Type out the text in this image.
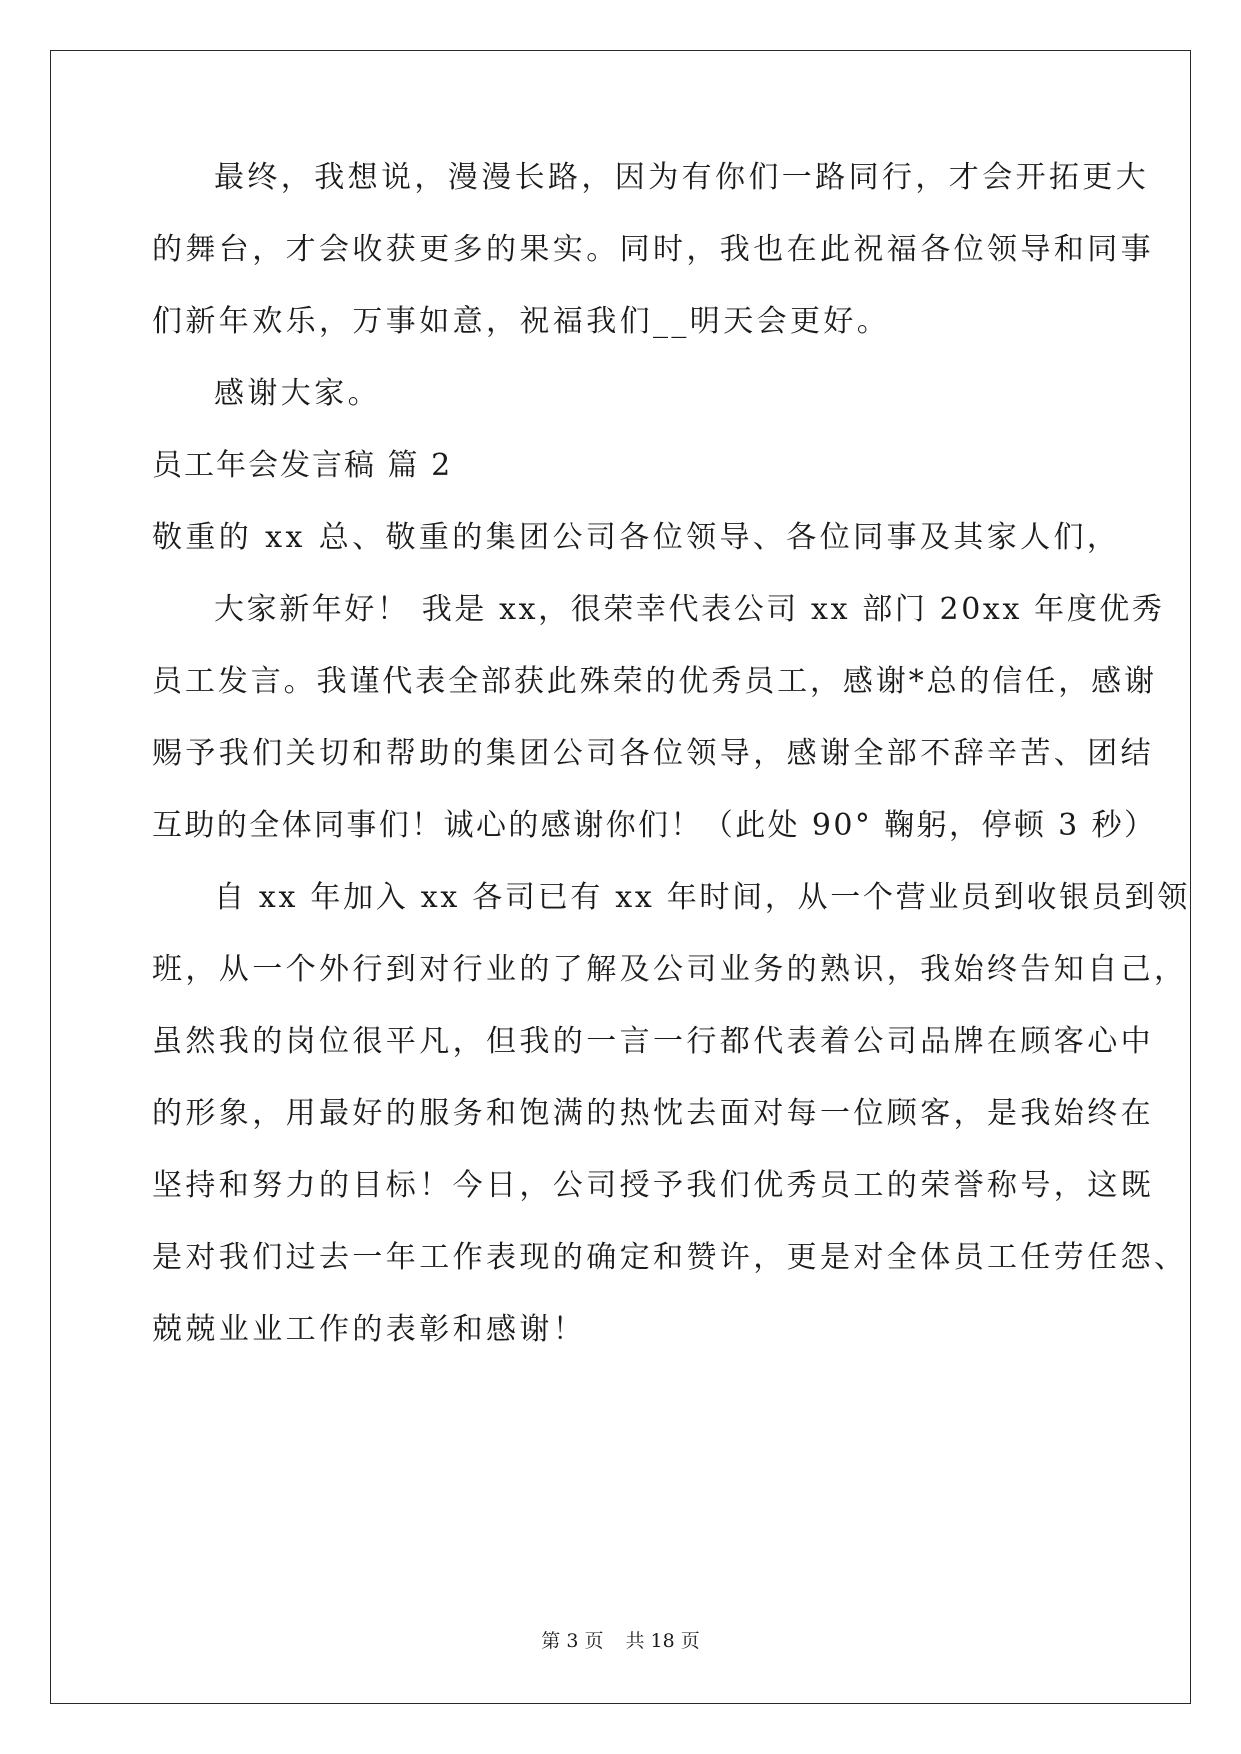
最终，我想说，漫漫长路，因为有你们一路同行，才会开拓更大
的舞台，才会收获更多的果实。同时，我也在此祝福各位领导和同事
们新年欢乐，万事如意，祝福我们__明天会更好。
感谢大家。
员工年会发言稿 篇 2
敬重的 xx 总、敬重的集团公司各位领导、各位同事及其家人们，
大家新年好！ 我是 xx，很荣幸代表公司 xx 部门 20xx 年度优秀
员工发言。我谨代表全部获此殊荣的优秀员工，感谢*总的信任，感谢
赐予我们关切和帮助的集团公司各位领导，感谢全部不辞辛苦、团结
互助的全体同事们！诚心的感谢你们！（此处 90° 鞠躬，停顿 3 秒）
自 xx 年加入 xx 各司已有 xx 年时间，从一个营业员到收银员到领
班，从一个外行到对行业的了解及公司业务的熟识，我始终告知自己，
虽然我的岗位很平凡，但我的一言一行都代表着公司品牌在顾客心中
的形象，用最好的服务和饱满的热忱去面对每一位顾客，是我始终在
坚持和努力的目标！今日，公司授予我们优秀员工的荣誉称号，这既
是对我们过去一年工作表现的确定和赞许，更是对全体员工任劳任怨、
兢兢业业工作的表彰和感谢！
第 3 页 共 18 页
